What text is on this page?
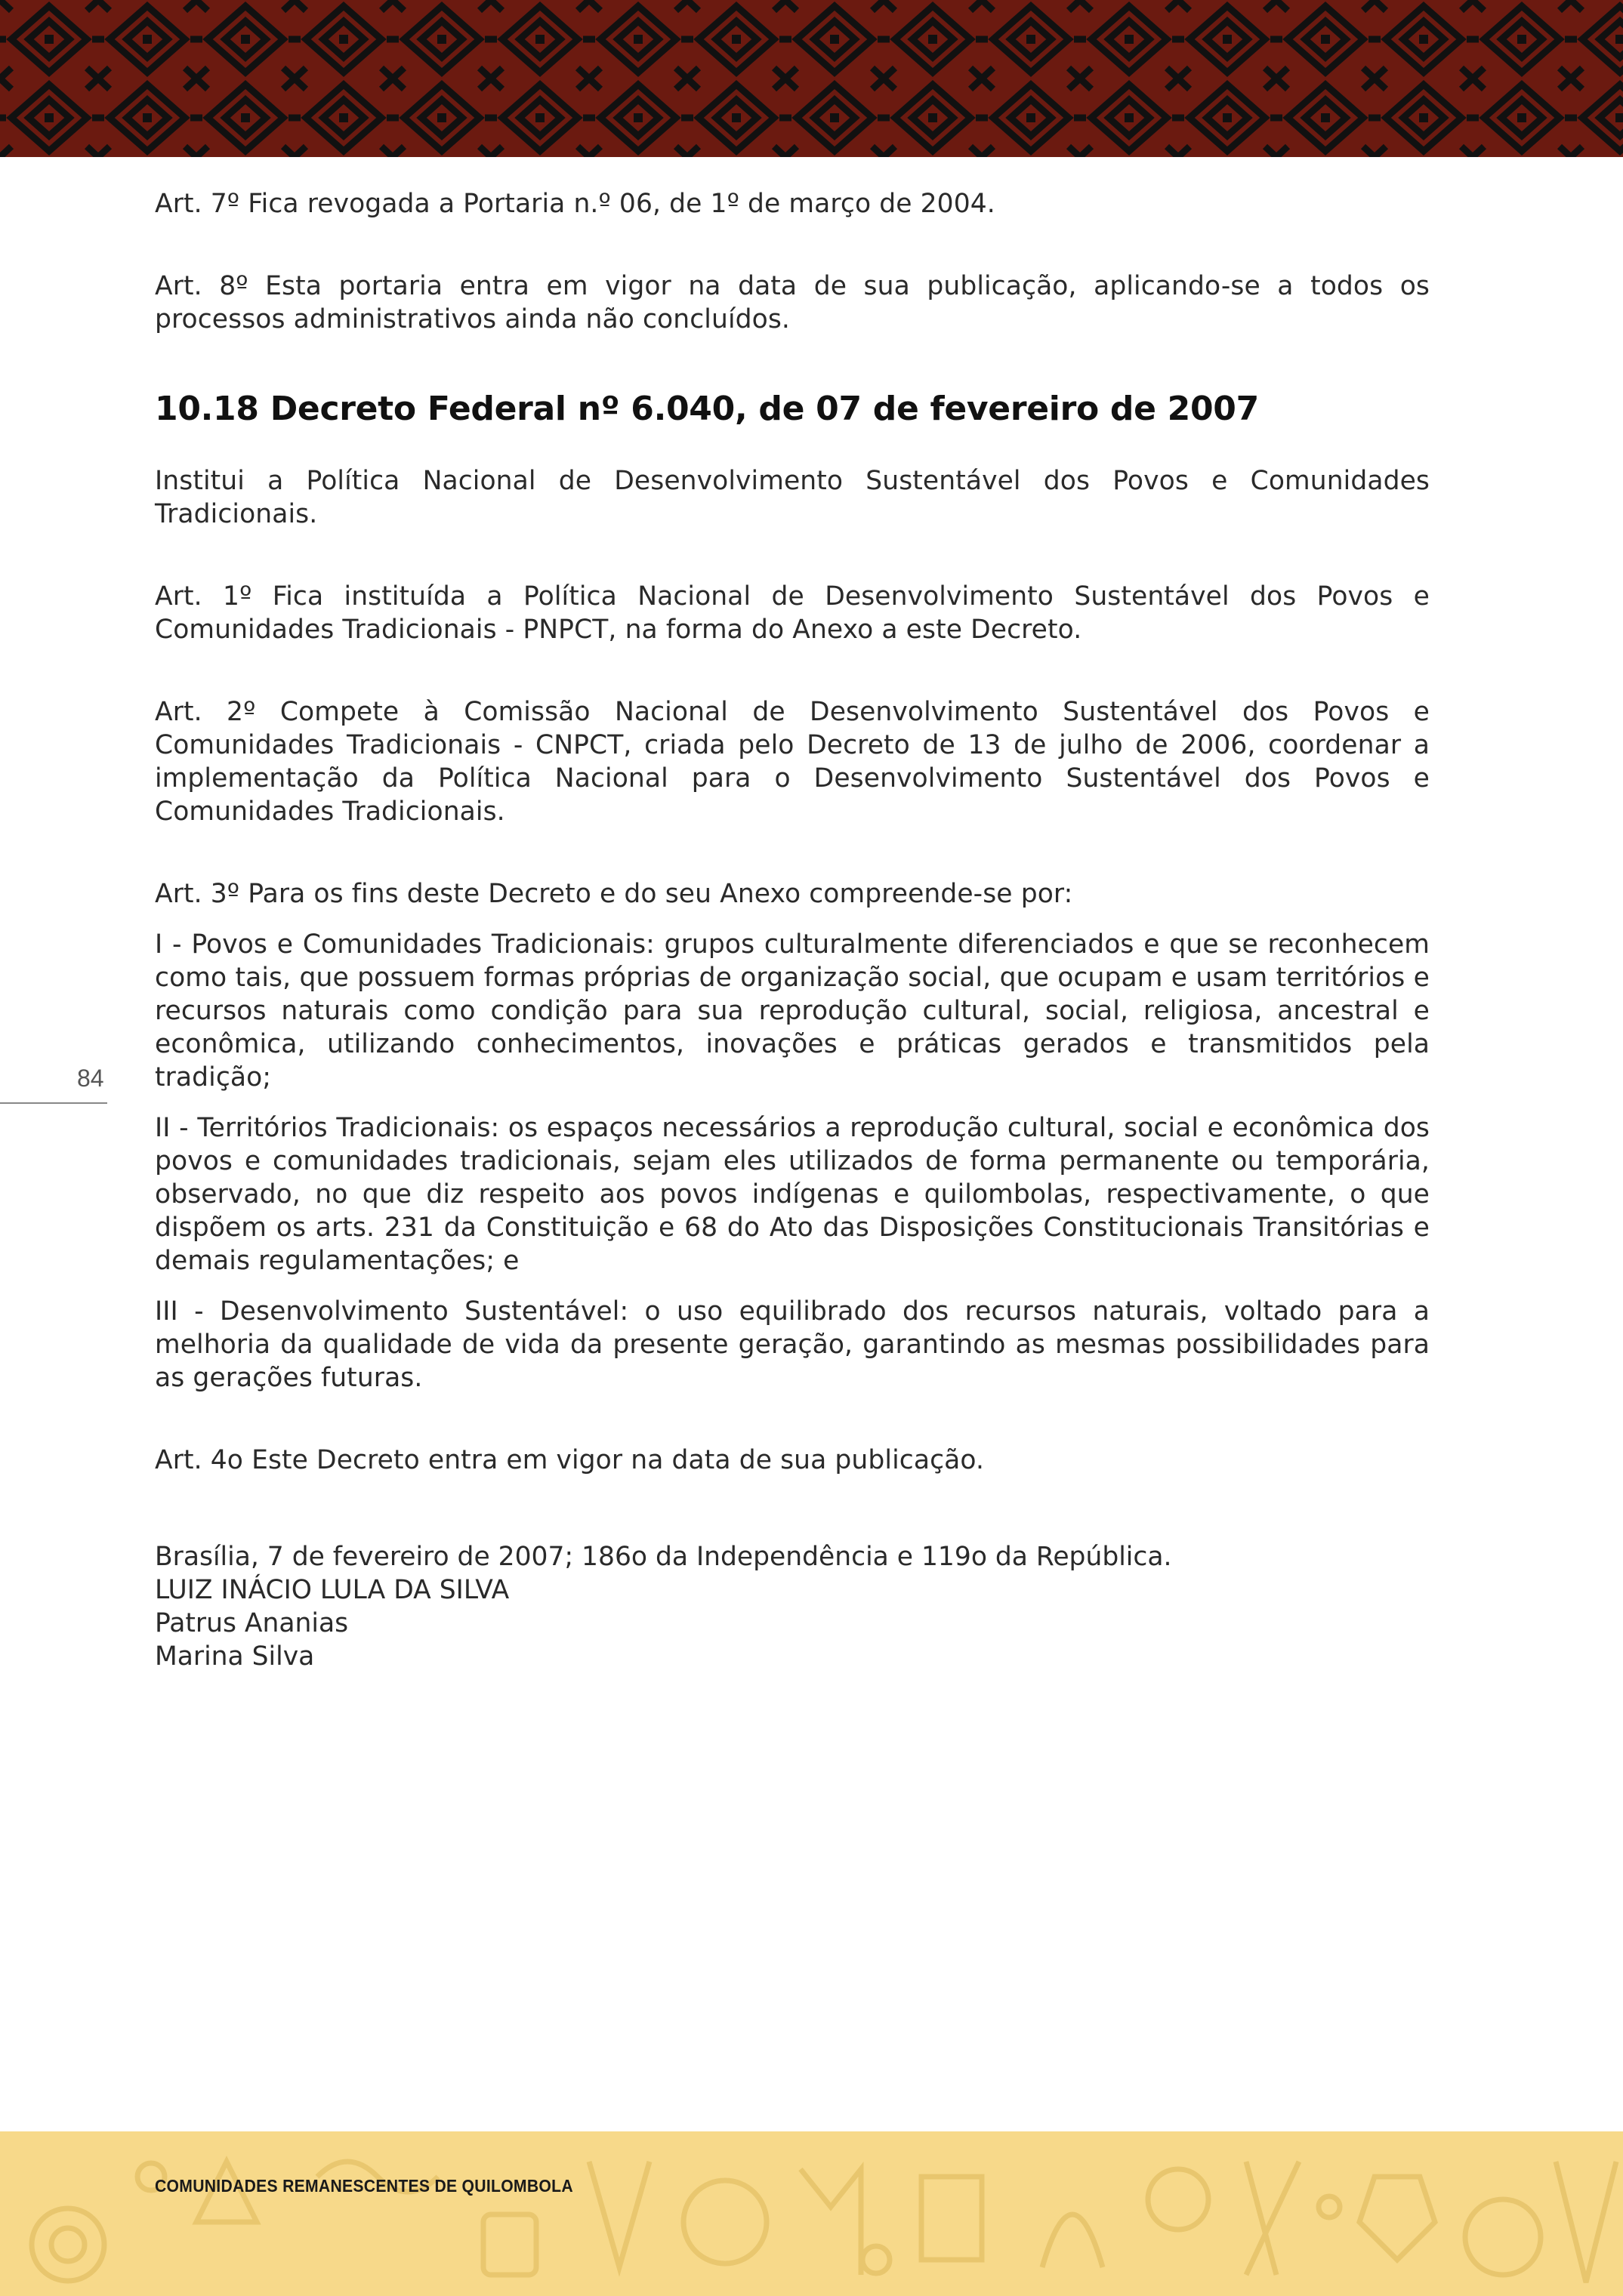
Art. 7º Fica revogada a Portaria n.º 06, de 1º de março de 2004.

Art. 8º Esta portaria entra em vigor na data de sua publicação, aplicando-se a todos os processos administrativos ainda não concluídos.

10.18 Decreto Federal nº 6.040, de 07 de fevereiro de 2007

Institui a Política Nacional de Desenvolvimento Sustentável dos Povos e Comunidades Tradicionais.

Art. 1º Fica instituída a Política Nacional de Desenvolvimento Sustentável dos Povos e Comunidades Tradicionais - PNPCT, na forma do Anexo a este Decreto.

Art. 2º Compete à Comissão Nacional de Desenvolvimento Sustentável dos Povos e Comunidades Tradicionais - CNPCT, criada pelo Decreto de 13 de julho de 2006, coordenar a implementação da Política Nacional para o Desenvolvimento Sustentável dos Povos e Comunidades Tradicionais.

Art. 3º Para os fins deste Decreto e do seu Anexo compreende-se por:

I - Povos e Comunidades Tradicionais: grupos culturalmente diferenciados e que se reconhecem como tais, que possuem formas próprias de organização social, que ocupam e usam territórios e recursos naturais como condição para sua reprodução cultural, social, religiosa, ancestral e econômica, utilizando conhecimentos, inovações e práticas gerados e transmitidos pela tradição;

II - Territórios Tradicionais: os espaços necessários a reprodução cultural, social e econômica dos povos e comunidades tradicionais, sejam eles utilizados de forma permanente ou temporária, observado, no que diz respeito aos povos indígenas e quilombolas, respectivamente, o que dispõem os arts. 231 da Constituição e 68 do Ato das Disposições Constitucionais Transitórias e demais regulamentações; e

III - Desenvolvimento Sustentável: o uso equilibrado dos recursos naturais, voltado para a melhoria da qualidade de vida da presente geração, garantindo as mesmas possibilidades para as gerações futuras.

Art. 4o Este Decreto entra em vigor na data de sua publicação.

Brasília, 7 de fevereiro de 2007; 186o da Independência e 119o da República.

LUIZ INÁCIO LULA DA SILVA

Patrus Ananias

Marina Silva

84
COMUNIDADES REMANESCENTES DE QUILOMBOLA
